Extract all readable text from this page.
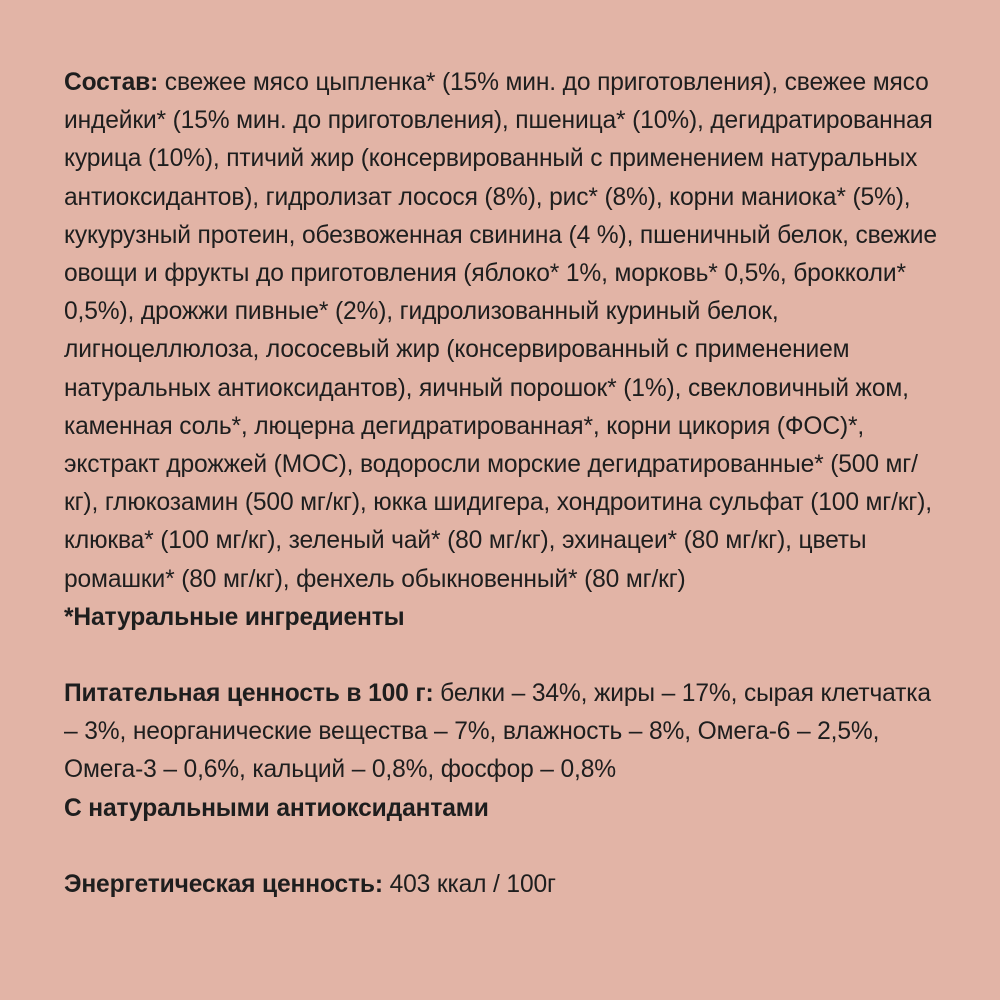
Состав: свежее мясо цыпленка* (15% мин. до приготовления), свежее мясо индейки* (15% мин. до приготовления), пшеница* (10%), дегидратированная курица (10%), птичий жир (консервированный с применением натуральных антиоксидантов), гидролизат лосося (8%), рис* (8%), корни маниока* (5%), кукурузный протеин, обезвоженная свинина (4 %), пшеничный белок, свежие овощи и фрукты до приготовления (яблоко* 1%, морковь* 0,5%, брокколи* 0,5%), дрожжи пивные* (2%), гидролизованный куриный белок, лигноцеллюлоза, лососевый жир (консервированный с применением натуральных антиоксидантов), яичный порошок* (1%), свекловичный жом, каменная соль*, люцерна дегидратированная*, корни цикория (ФОС)*, экстракт дрожжей (МОС), водоросли морские дегидратированные* (500 мг/кг), глюкозамин (500 мг/кг), юкка шидигера, хондроитина сульфат (100 мг/кг), клюква* (100 мг/кг), зеленый чай* (80 мг/кг), эхинацеи* (80 мг/кг), цветы ромашки* (80 мг/кг), фенхель обыкновенный* (80 мг/кг)

*Натуральные ингредиенты

Питательная ценность в 100 г: белки – 34%, жиры – 17%, сырая клетчатка – 3%, неорганические вещества – 7%, влажность – 8%, Омега-6 – 2,5%, Омега-3 – 0,6%, кальций – 0,8%, фосфор – 0,8%

С натуральными антиоксидантами

Энергетическая ценность: 403 ккал / 100г
